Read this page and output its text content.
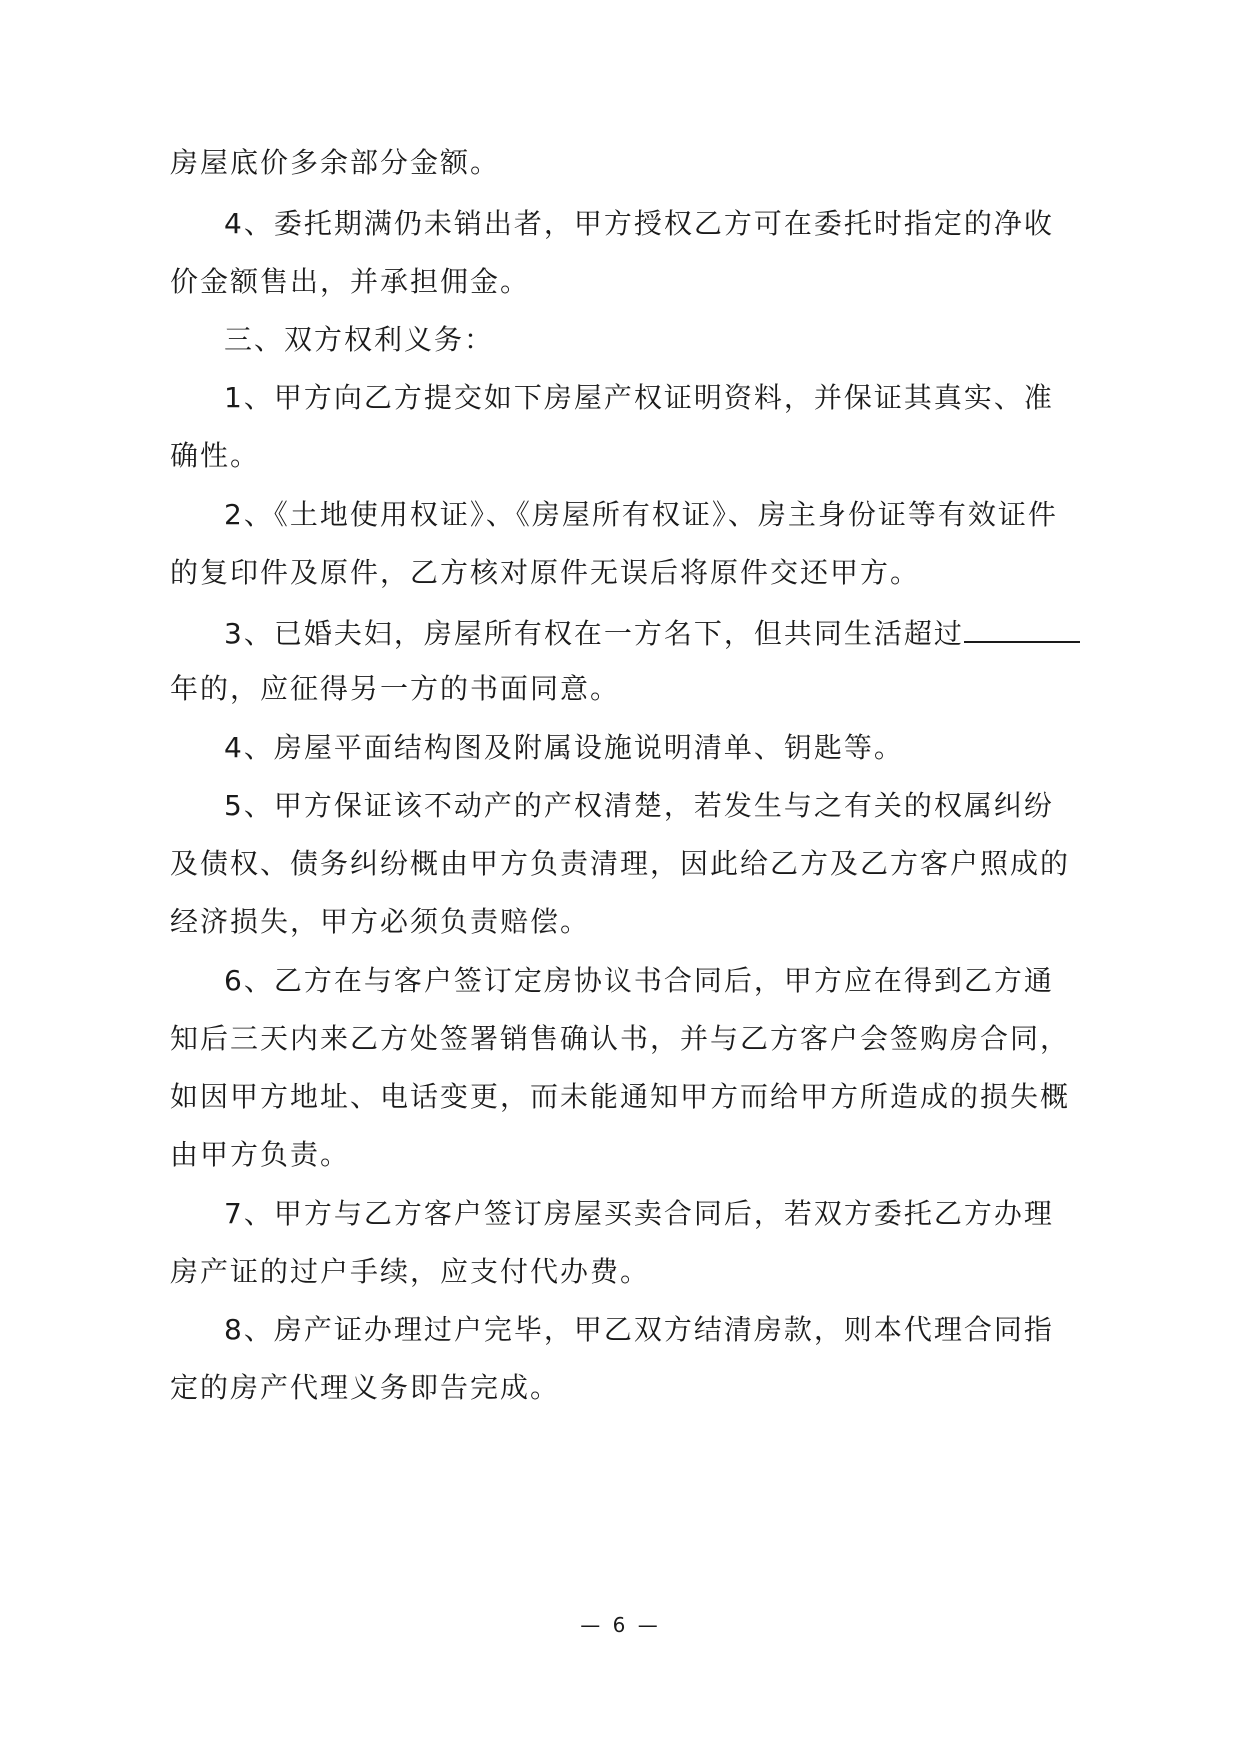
房屋底价多余部分金额。
4、委托期满仍未销出者，甲方授权乙方可在委托时指定的净收
价金额售出，并承担佣金。
三、双方权利义务：
1、甲方向乙方提交如下房屋产权证明资料，并保证其真实、准
确性。
2、《土地使用权证》、《房屋所有权证》、房主身份证等有效证件
的复印件及原件，乙方核对原件无误后将原件交还甲方。
3、已婚夫妇，房屋所有权在一方名下，但共同生活超过
年的，应征得另一方的书面同意。
4、房屋平面结构图及附属设施说明清单、钥匙等。
5、甲方保证该不动产的产权清楚，若发生与之有关的权属纠纷
及债权、债务纠纷概由甲方负责清理，因此给乙方及乙方客户照成的
经济损失，甲方必须负责赔偿。
6、乙方在与客户签订定房协议书合同后，甲方应在得到乙方通
知后三天内来乙方处签署销售确认书，并与乙方客户会签购房合同，
如因甲方地址、电话变更，而未能通知甲方而给甲方所造成的损失概
由甲方负责。
7、甲方与乙方客户签订房屋买卖合同后，若双方委托乙方办理
房产证的过户手续，应支付代办费。
8、房产证办理过户完毕，甲乙双方结清房款，则本代理合同指
定的房产代理义务即告完成。
— 6 —
